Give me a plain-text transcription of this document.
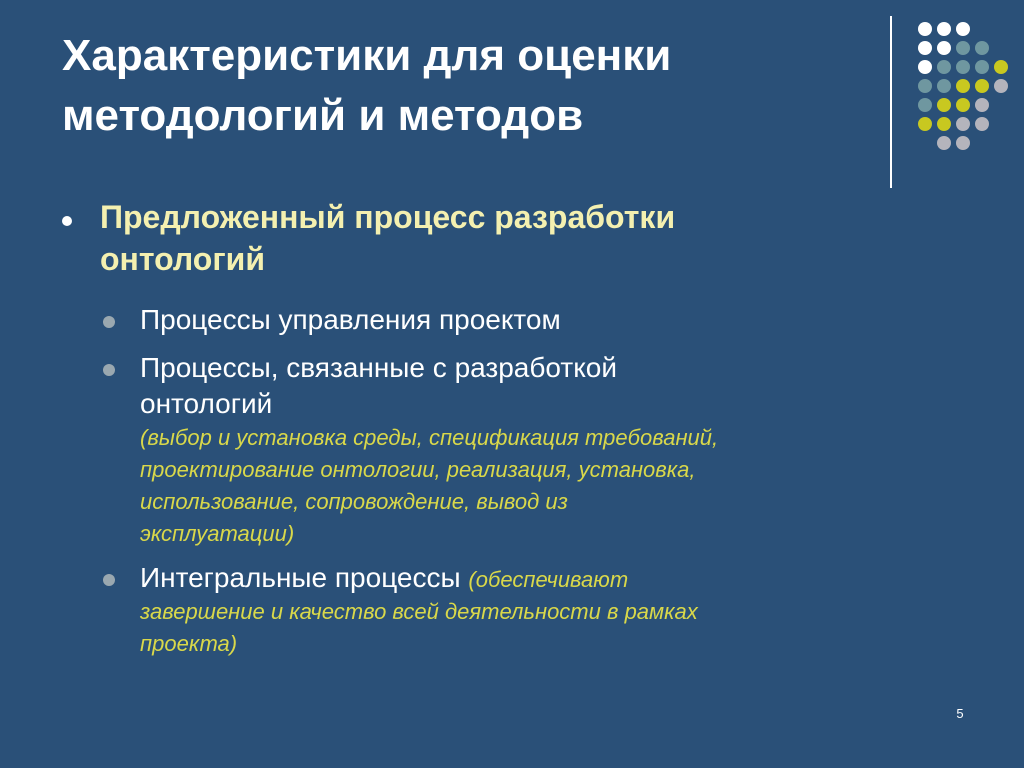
Характеристики для оценки
методологий и методов
Предложенный процесс разработки
онтологий
Процессы управления проектом
Процессы, связанные с разработкой
онтологий
(выбор и установка среды, спецификация требований,
проектирование онтологии, реализация, установка,
использование, сопровождение, вывод из
эксплуатации)
Интегральные процессы (обеспечивают
завершение и качество всей деятельности в рамках
проекта)
5
